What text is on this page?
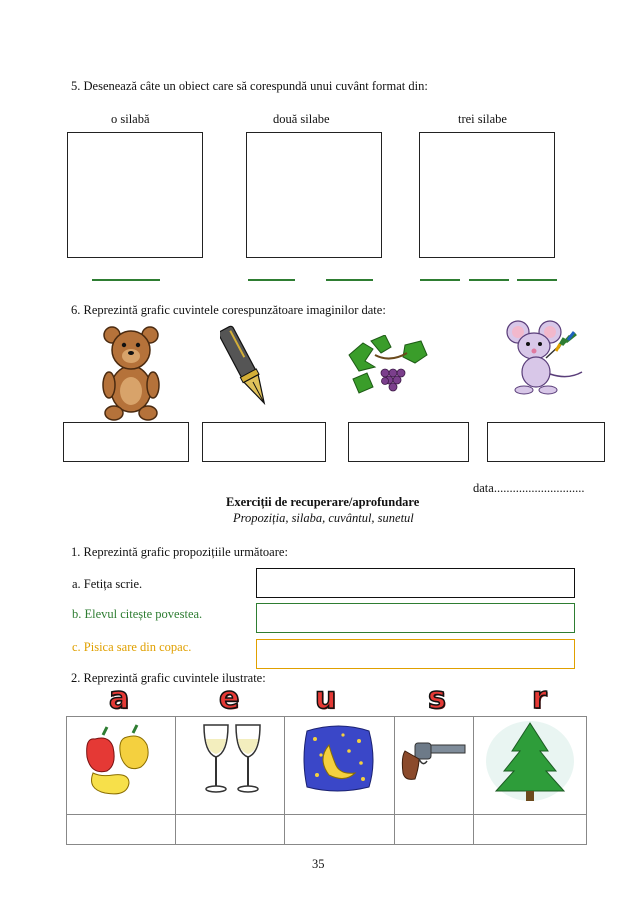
5. Desenează câte un obiect care să corespundă unui cuvânt format din:
o silabă	două silabe	trei silabe
6. Reprezintă grafic cuvintele corespunzătoare imaginilor date:
data.............................
Exerciții de recuperare/aprofundare
Propoziția, silaba, cuvântul, sunetul
1. Reprezintă grafic propozițiile următoare:
a. Fetița scrie.
b. Elevul citește povestea.
c. Pisica sare din copac.
2. Reprezintă grafic cuvintele ilustrate:
a	e	u	s	r

35
